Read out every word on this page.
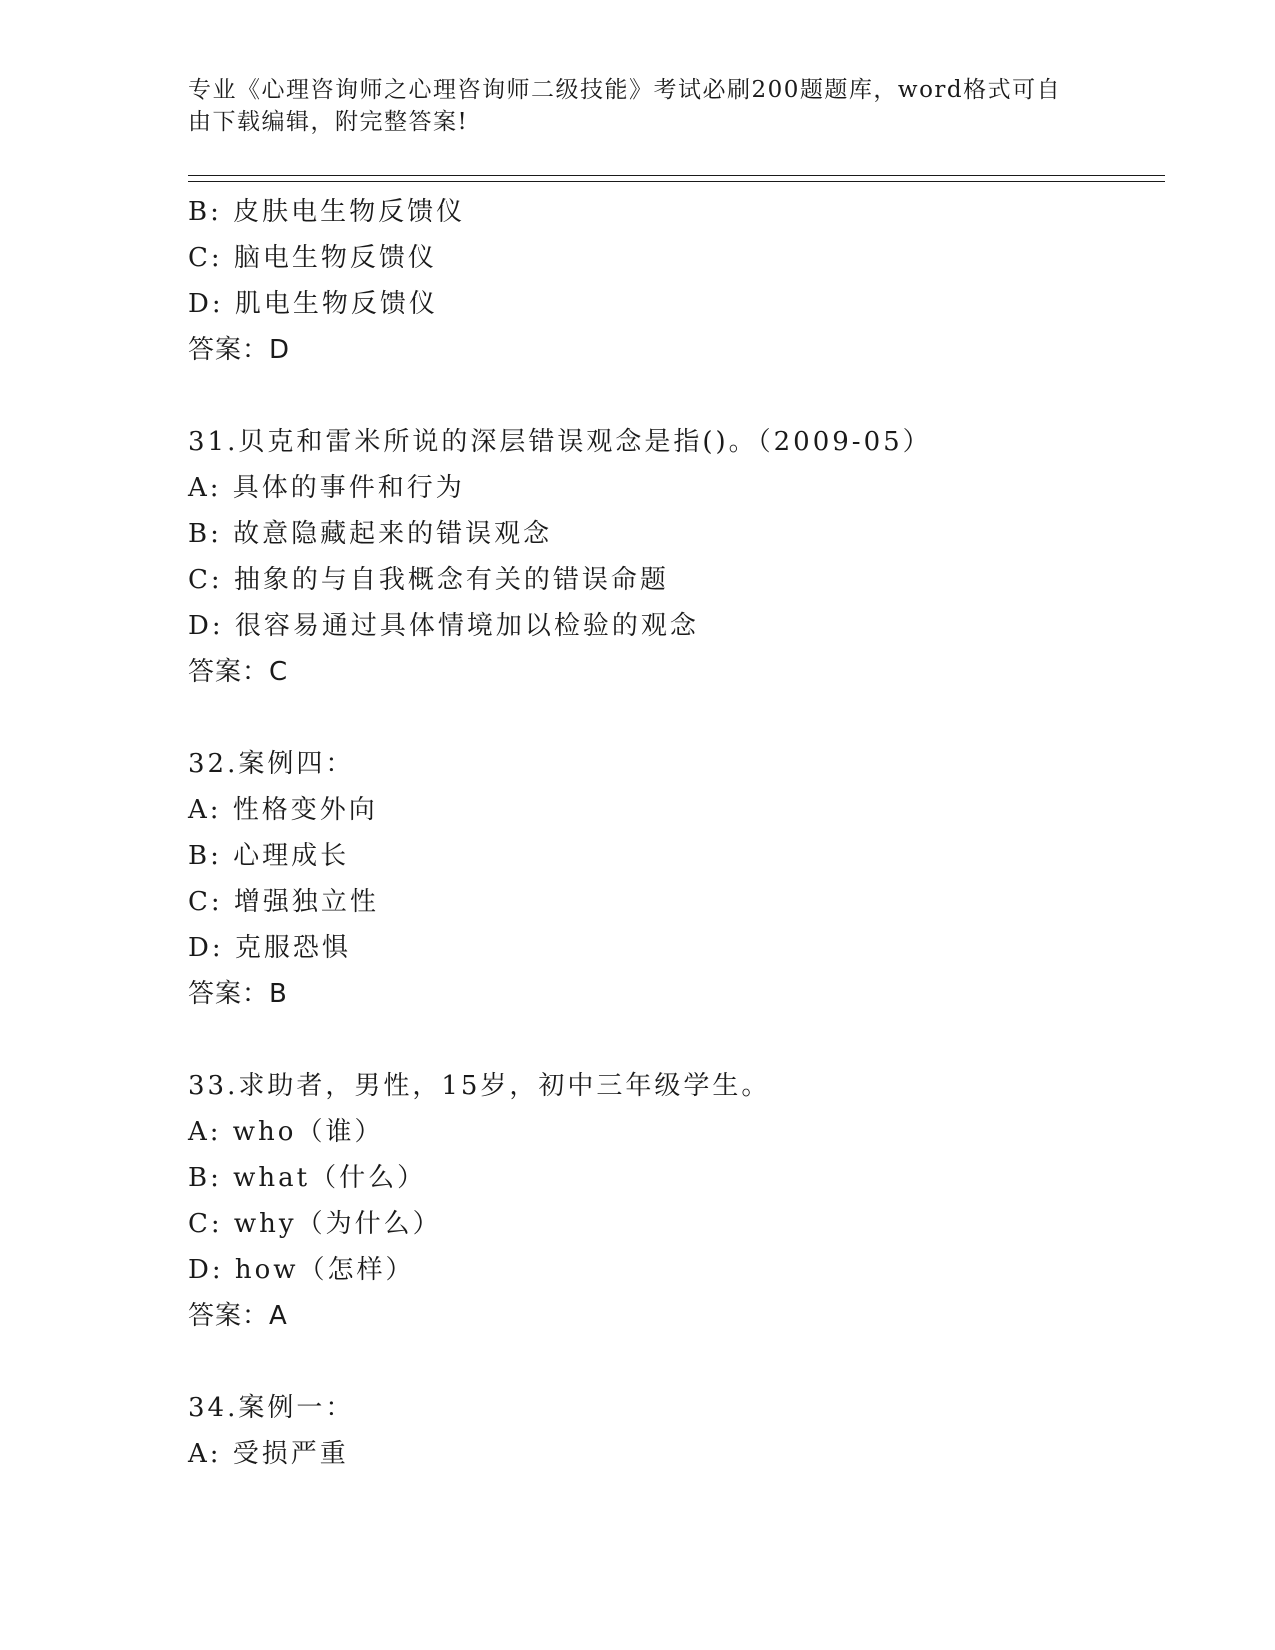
专业《心理咨询师之心理咨询师二级技能》考试必刷200题题库，word格式可自
由下载编辑，附完整答案!
B: 皮肤电生物反馈仪
C: 脑电生物反馈仪
D: 肌电生物反馈仪
答案：D
31.贝克和雷米所说的深层错误观念是指()。（2009-05）
A: 具体的事件和行为
B: 故意隐藏起来的错误观念
C: 抽象的与自我概念有关的错误命题
D: 很容易通过具体情境加以检验的观念
答案：C
32.案例四：
A: 性格变外向
B: 心理成长
C: 增强独立性
D: 克服恐惧
答案：B
33.求助者，男性，15岁，初中三年级学生。
A: who（谁）
B: what（什么）
C: why（为什么）
D: how（怎样）
答案：A
34.案例一：
A: 受损严重
